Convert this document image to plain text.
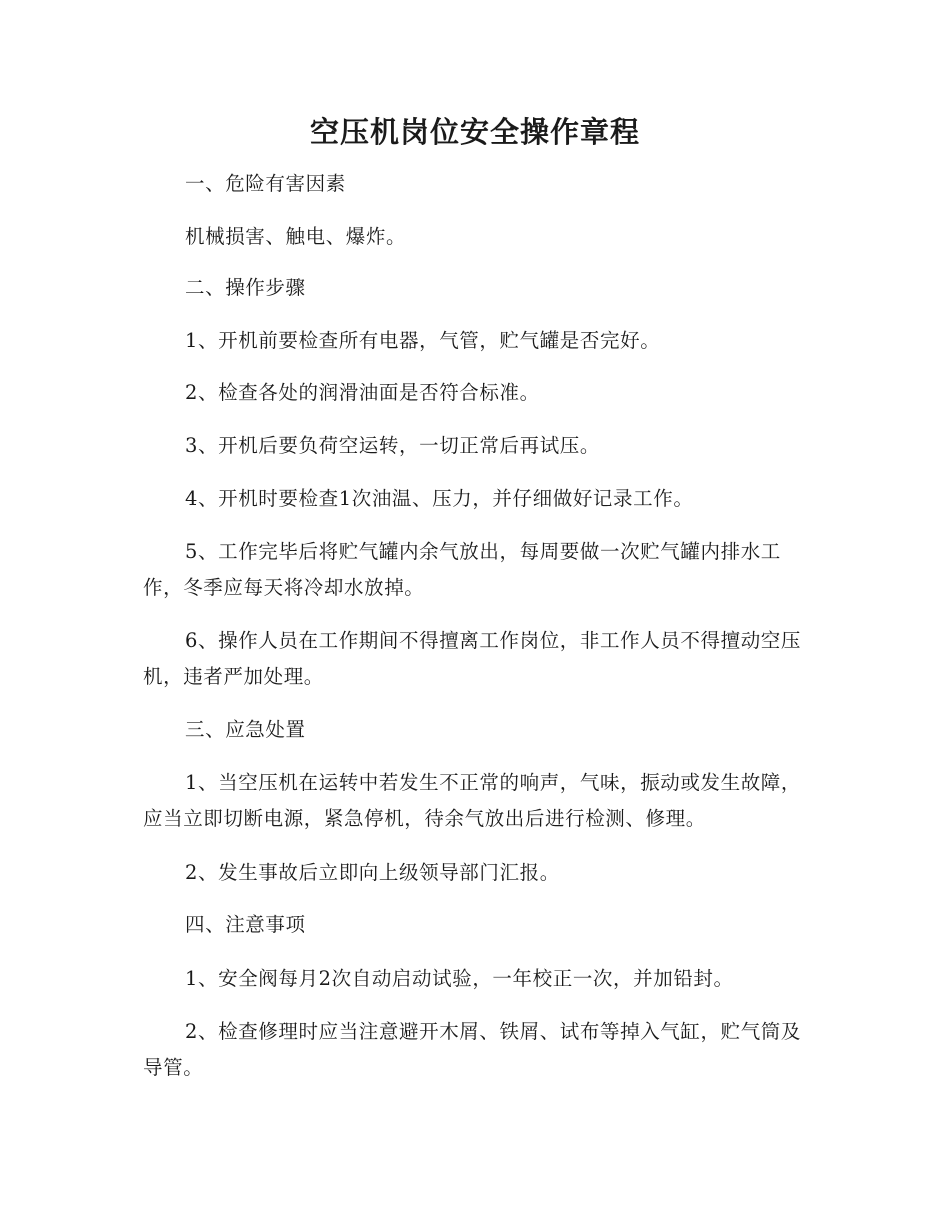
空压机岗位安全操作章程
一、危险有害因素
机械损害、触电、爆炸。
二、操作步骤
1、开机前要检查所有电器，气管，贮气罐是否完好。
2、检查各处的润滑油面是否符合标准。
3、开机后要负荷空运转，一切正常后再试压。
4、开机时要检查1次油温、压力，并仔细做好记录工作。
5、工作完毕后将贮气罐内余气放出，每周要做一次贮气罐内排水工作，冬季应每天将冷却水放掉。
6、操作人员在工作期间不得擅离工作岗位，非工作人员不得擅动空压机，违者严加处理。
三、应急处置
1、当空压机在运转中若发生不正常的响声，气味，振动或发生故障，应当立即切断电源，紧急停机，待余气放出后进行检测、修理。
2、发生事故后立即向上级领导部门汇报。
四、注意事项
1、安全阀每月2次自动启动试验，一年校正一次，并加铅封。
2、检查修理时应当注意避开木屑、铁屑、试布等掉入气缸，贮气筒及导管。
